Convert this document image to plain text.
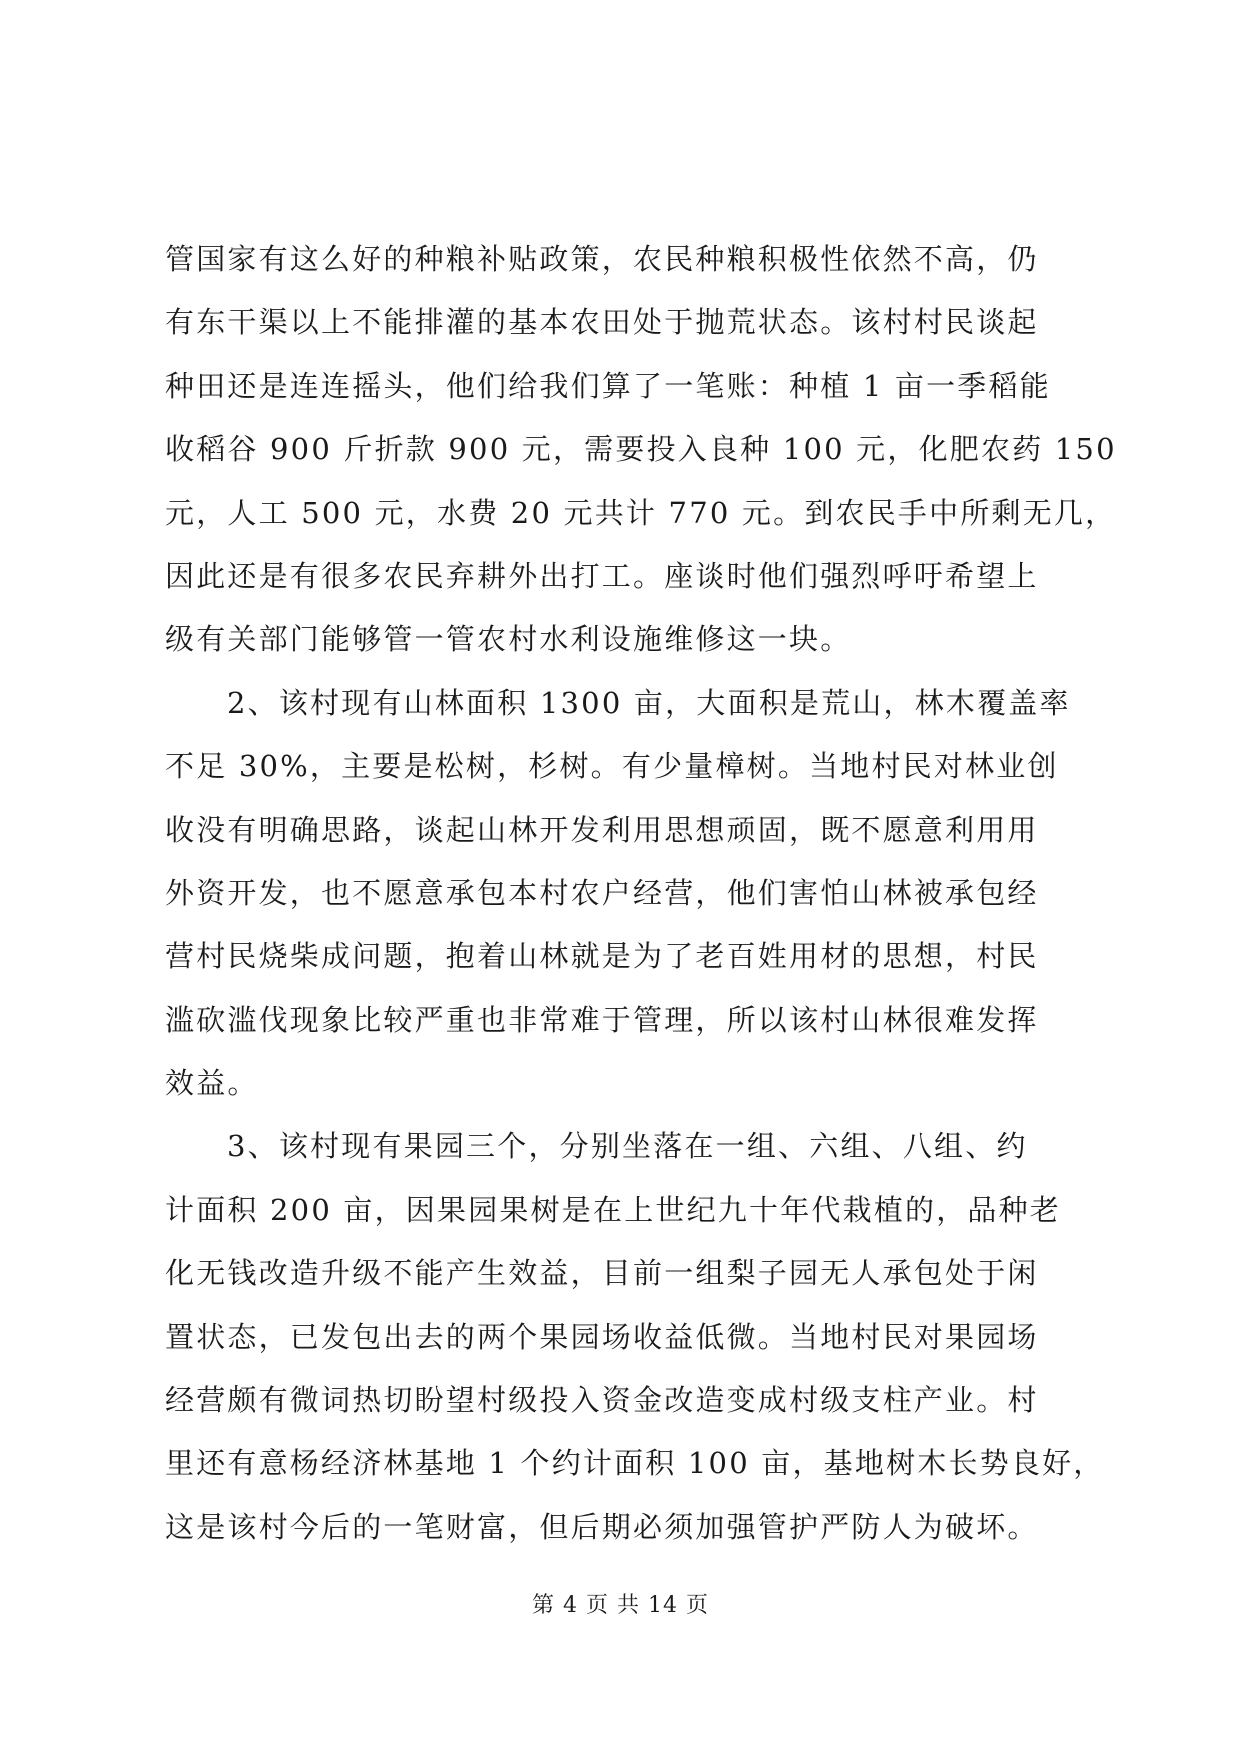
管国家有这么好的种粮补贴政策，农民种粮积极性依然不高，仍
有东干渠以上不能排灌的基本农田处于抛荒状态。该村村民谈起
种田还是连连摇头，他们给我们算了一笔账：种植 1 亩一季稻能
收稻谷 900 斤折款 900 元，需要投入良种 100 元，化肥农药 150
元，人工 500 元，水费 20 元共计 770 元。到农民手中所剩无几，
因此还是有很多农民弃耕外出打工。座谈时他们强烈呼吁希望上
级有关部门能够管一管农村水利设施维修这一块。
2、该村现有山林面积 1300 亩，大面积是荒山，林木覆盖率
不足 30%，主要是松树，杉树。有少量樟树。当地村民对林业创
收没有明确思路，谈起山林开发利用思想顽固，既不愿意利用用
外资开发，也不愿意承包本村农户经营，他们害怕山林被承包经
营村民烧柴成问题，抱着山林就是为了老百姓用材的思想，村民
滥砍滥伐现象比较严重也非常难于管理，所以该村山林很难发挥
效益。
3、该村现有果园三个，分别坐落在一组、六组、八组、约
计面积 200 亩，因果园果树是在上世纪九十年代栽植的，品种老
化无钱改造升级不能产生效益，目前一组梨子园无人承包处于闲
置状态，已发包出去的两个果园场收益低微。当地村民对果园场
经营颇有微词热切盼望村级投入资金改造变成村级支柱产业。村
里还有意杨经济林基地 1 个约计面积 100 亩，基地树木长势良好，
这是该村今后的一笔财富，但后期必须加强管护严防人为破坏。
第 4 页 共 14 页
